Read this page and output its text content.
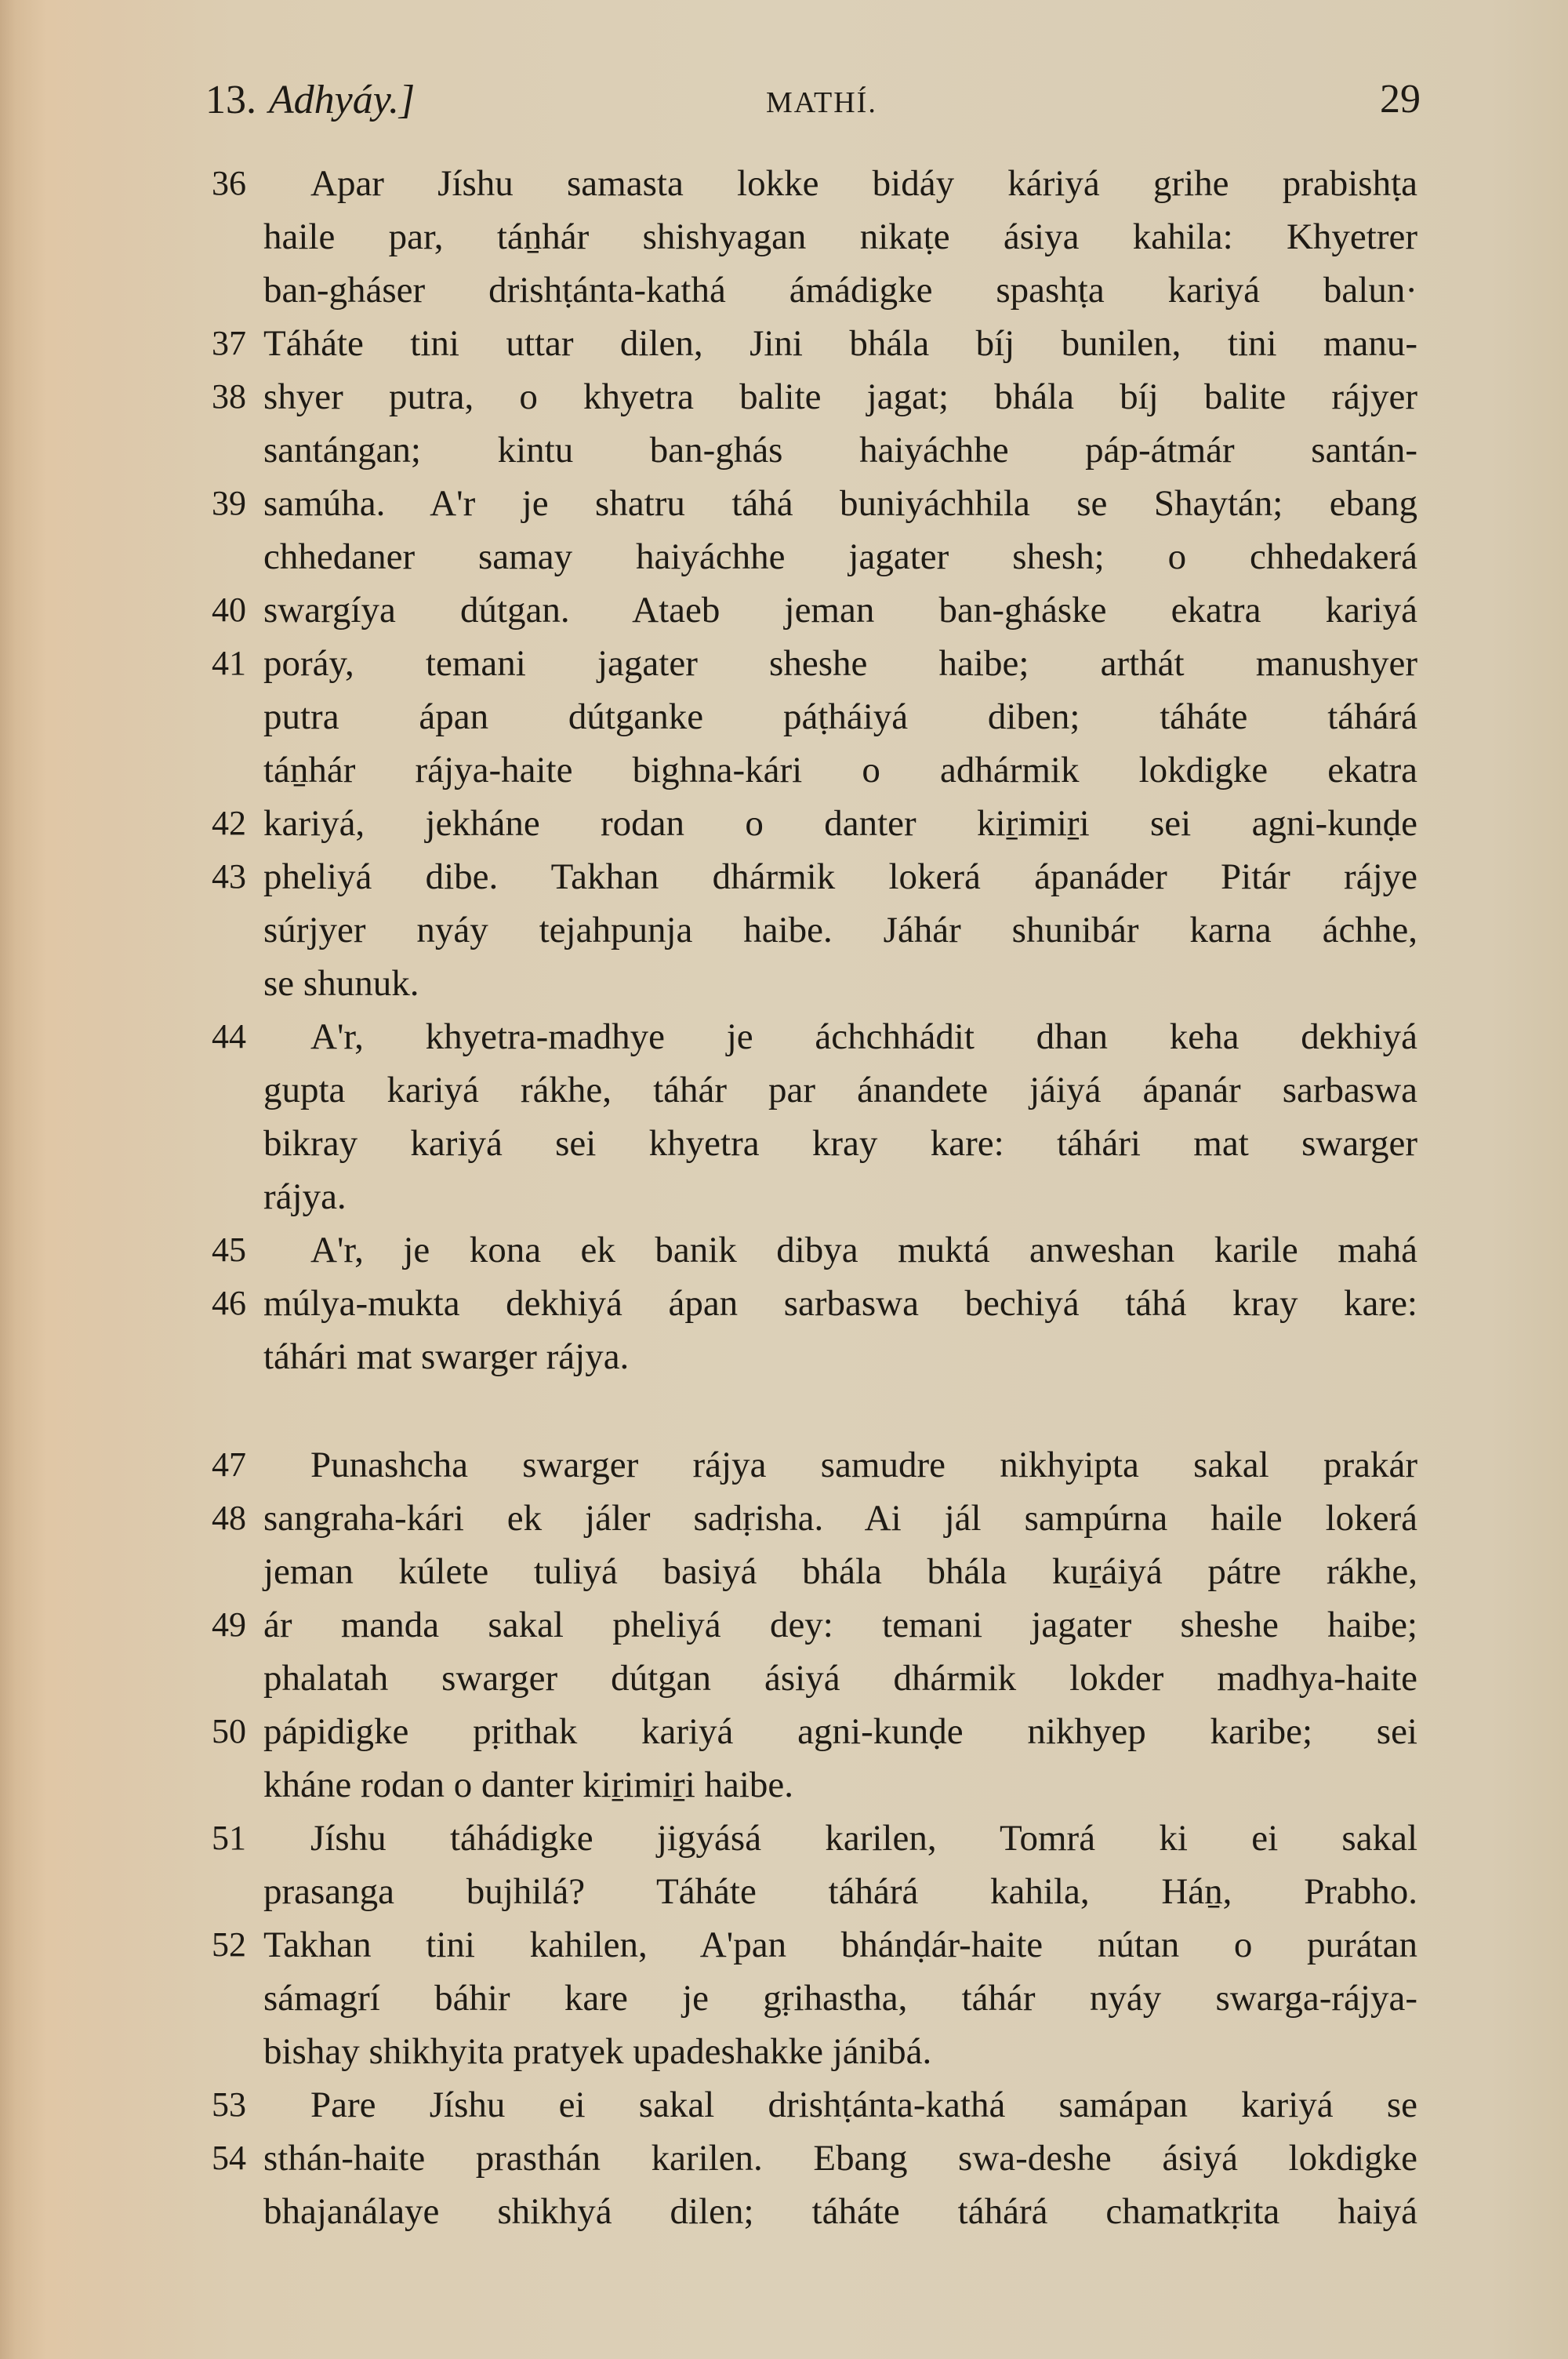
13. Adhyáy.]	MATHÍ.	29
36	Apar Jíshu samasta lokke bidáy káriyá grihe prabishṭa
haile par, táṉhár shishyagan nikaṭe ásiya kahila: Khyetrer
ban-gháser drishṭánta-kathá ámádigke spashṭa kariyá balun·
37 Táháte tini uttar dilen, Jini bhála bíj bunilen, tini manu-
38 shyer putra, o khyetra balite jagat; bhála bíj balite rájyer
santángan; kintu ban-ghás haiyáchhe páp-átmár santán-
39 samúha. A'r je shatru táhá buniyáchhila se Shaytán; ebang
chhedaner samay haiyáchhe jagater shesh; o chhedakerá
40 swargíya dútgan. Ataeb jeman ban-gháske ekatra kariyá
41 poráy, temani jagater sheshe haibe; arthát manushyer
putra ápan dútganke páṭháiyá diben; táháte táhárá
táṉhár rájya-haite bighna-kári o adhármik lokdigke ekatra
42 kariyá, jekháne rodan o danter kiṟimiṟi sei agni-kunḍe
43 pheliyá dibe. Takhan dhármik lokerá ápanáder Pitár rájye
súrjyer nyáy tejahpunja haibe. Jáhár shunibár karna áchhe,
se shunuk.
44	A'r, khyetra-madhye je áchchhádit dhan keha dekhiyá
gupta kariyá rákhe, táhár par ánandete jáiyá ápanár sarbaswa
bikray kariyá sei khyetra kray kare: táhári mat swarger
rájya.
45	A'r, je kona ek banik dibya muktá anweshan karile mahá
46 múlya-mukta dekhiyá ápan sarbaswa bechiyá táhá kray kare:
táhári mat swarger rájya.
47	Punashcha swarger rájya samudre nikhyipta sakal prakár
48 sangraha-kári ek jáler sadṛisha. Ai jál sampúrna haile lokerá
jeman kúlete tuliyá basiyá bhála bhála kuṟáiyá pátre rákhe,
49 ár manda sakal pheliyá dey: temani jagater sheshe haibe;
phalatah swarger dútgan ásiyá dhármik lokder madhya-haite
50 pápidigke pṛithak kariyá agni-kunḍe nikhyep karibe; sei
kháne rodan o danter kiṟimiṟi haibe.
51	Jíshu táhádigke jigyásá karilen, Tomrá ki ei sakal
prasanga bujhilá? Táháte táhárá kahila, Háṉ, Prabho.
52 Takhan tini kahilen, A'pan bhánḍár-haite nútan o purátan
sámagrí báhir kare je gṛihastha, táhár nyáy swarga-rájya-
bishay shikhyita pratyek upadeshakke jánibá.
53	Pare Jíshu ei sakal drishṭánta-kathá samápan kariyá se
54 sthán-haite prasthán karilen. Ebang swa-deshe ásiyá lokdigke
bhajanálaye shikhyá dilen; táháte táhárá chamatkṛita haiyá
